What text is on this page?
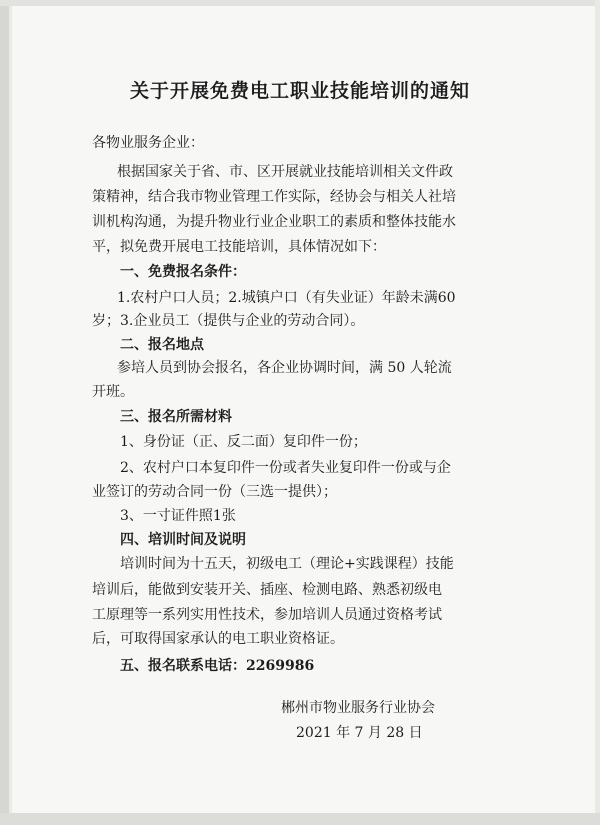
关于开展免费电工职业技能培训的通知
各物业服务企业：
根据国家关于省、市、区开展就业技能培训相关文件政
策精神，结合我市物业管理工作实际，经协会与相关人社培
训机构沟通，为提升物业行业企业职工的素质和整体技能水
平，拟免费开展电工技能培训，具体情况如下：
一、免费报名条件：
1.农村户口人员；2.城镇户口（有失业证）年龄未满60
岁；3.企业员工（提供与企业的劳动合同）。
二、报名地点
参培人员到协会报名，各企业协调时间，满 50 人轮流
开班。
三、报名所需材料
1、身份证（正、反二面）复印件一份；
2、农村户口本复印件一份或者失业复印件一份或与企
业签订的劳动合同一份（三选一提供）；
3、一寸证件照1张
四、培训时间及说明
培训时间为十五天，初级电工（理论+实践课程）技能
培训后，能做到安装开关、插座、检测电路、熟悉初级电
工原理等一系列实用性技术，参加培训人员通过资格考试
后，可取得国家承认的电工职业资格证。
五、报名联系电话：2269986
郴州市物业服务行业协会
2021 年 7 月 28 日
